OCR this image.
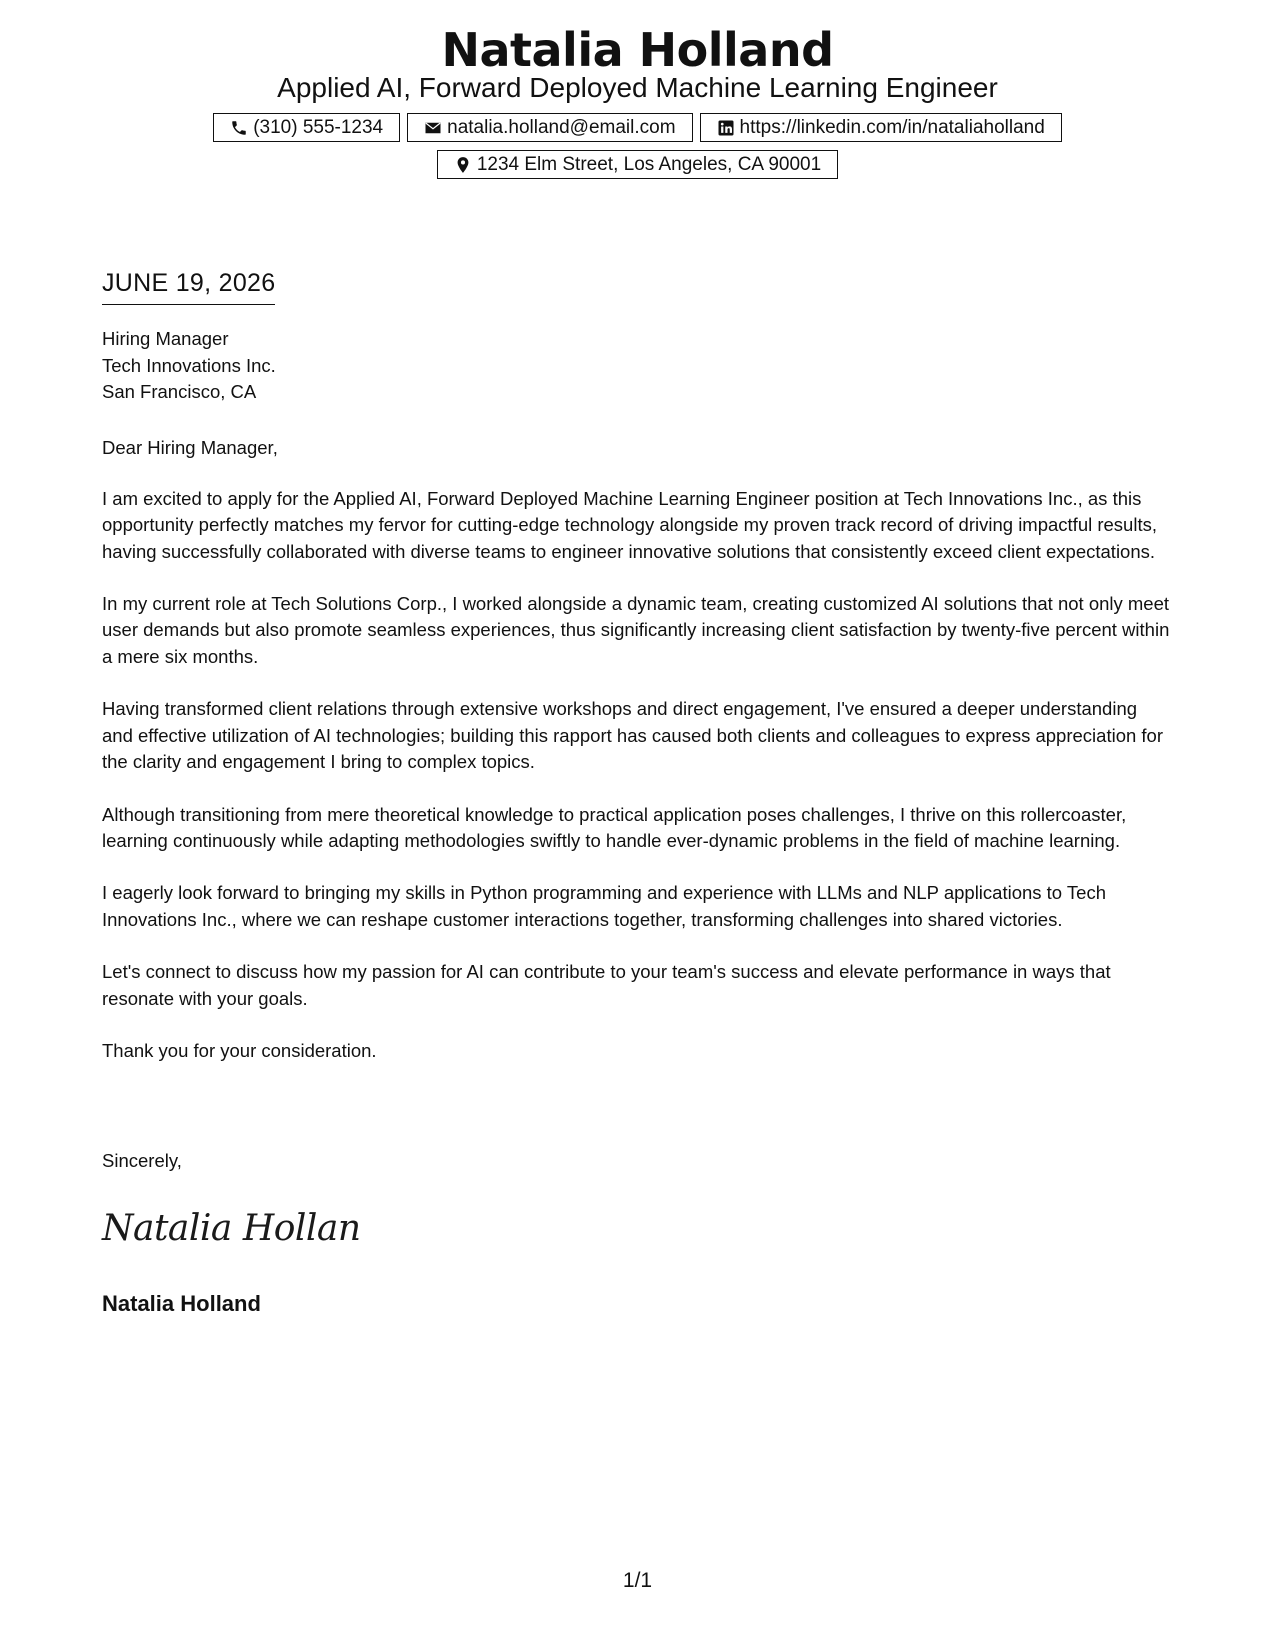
Natalia Holland
Applied AI, Forward Deployed Machine Learning Engineer
(310) 555-1234	natalia.holland@email.com	https://linkedin.com/in/nataliaholland
1234 Elm Street, Los Angeles, CA 90001
JUNE 19, 2026
Hiring Manager
Tech Innovations Inc.
San Francisco, CA
Dear Hiring Manager,

I am excited to apply for the Applied AI, Forward Deployed Machine Learning Engineer position at Tech Innovations Inc., as this opportunity perfectly matches my fervor for cutting-edge technology alongside my proven track record of driving impactful results, having successfully collaborated with diverse teams to engineer innovative solutions that consistently exceed client expectations.

In my current role at Tech Solutions Corp., I worked alongside a dynamic team, creating customized AI solutions that not only meet user demands but also promote seamless experiences, thus significantly increasing client satisfaction by twenty-five percent within a mere six months.

Having transformed client relations through extensive workshops and direct engagement, I've ensured a deeper understanding and effective utilization of AI technologies; building this rapport has caused both clients and colleagues to express appreciation for the clarity and engagement I bring to complex topics.

Although transitioning from mere theoretical knowledge to practical application poses challenges, I thrive on this rollercoaster, learning continuously while adapting methodologies swiftly to handle ever-dynamic problems in the field of machine learning.

I eagerly look forward to bringing my skills in Python programming and experience with LLMs and NLP applications to Tech Innovations Inc., where we can reshape customer interactions together, transforming challenges into shared victories.

Let's connect to discuss how my passion for AI can contribute to your team's success and elevate performance in ways that resonate with your goals.

Thank you for your consideration.

Sincerely,
Natalia Holland
Natalia Holland
1/1
